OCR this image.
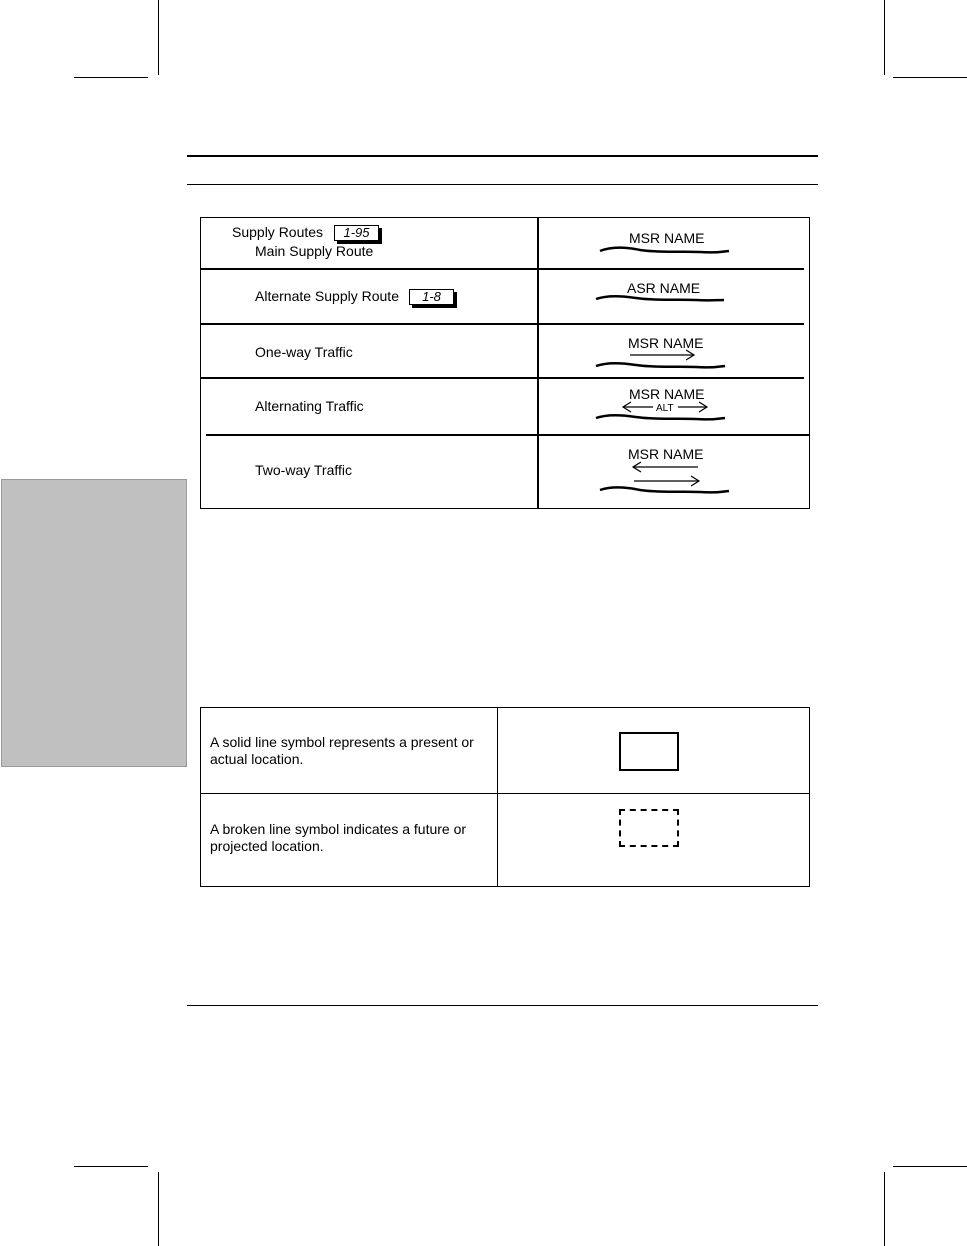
Supply Routes	1-95
Main Supply Route
MSR NAME
Alternate Supply Route	1-8
ASR NAME
One-way Traffic
MSR NAME
Alternating Traffic
MSR NAME
ALT
Two-way Traffic
MSR NAME
A solid line symbol represents a present or actual location.
A broken line symbol indicates a future or projected location.
